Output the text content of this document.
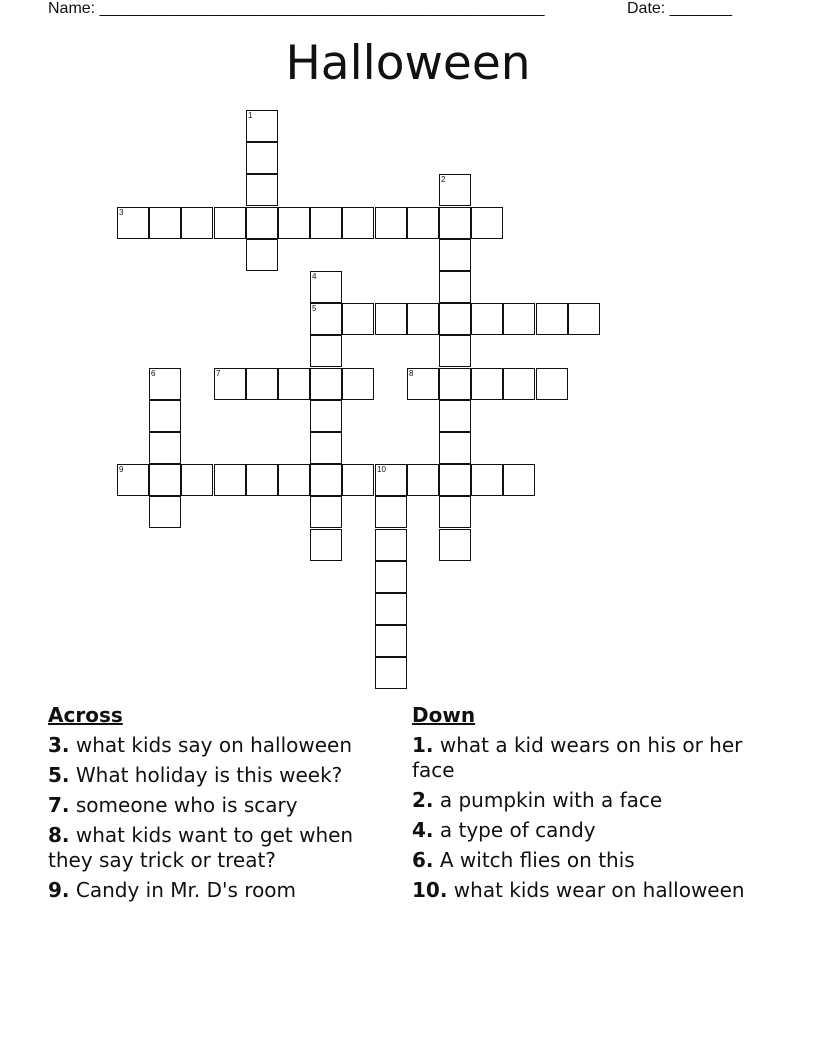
Name: __________________________________________________	Date: _______
Halloween
1
2
3
4
5
6	7	8
9	10
Across
3. what kids say on halloween
5. What holiday is this week?
7. someone who is scary
8. what kids want to get when they say trick or treat?
9. Candy in Mr. D's room
Down
1. what a kid wears on his or her face
2. a pumpkin with a face
4. a type of candy
6. A witch flies on this
10. what kids wear on halloween
